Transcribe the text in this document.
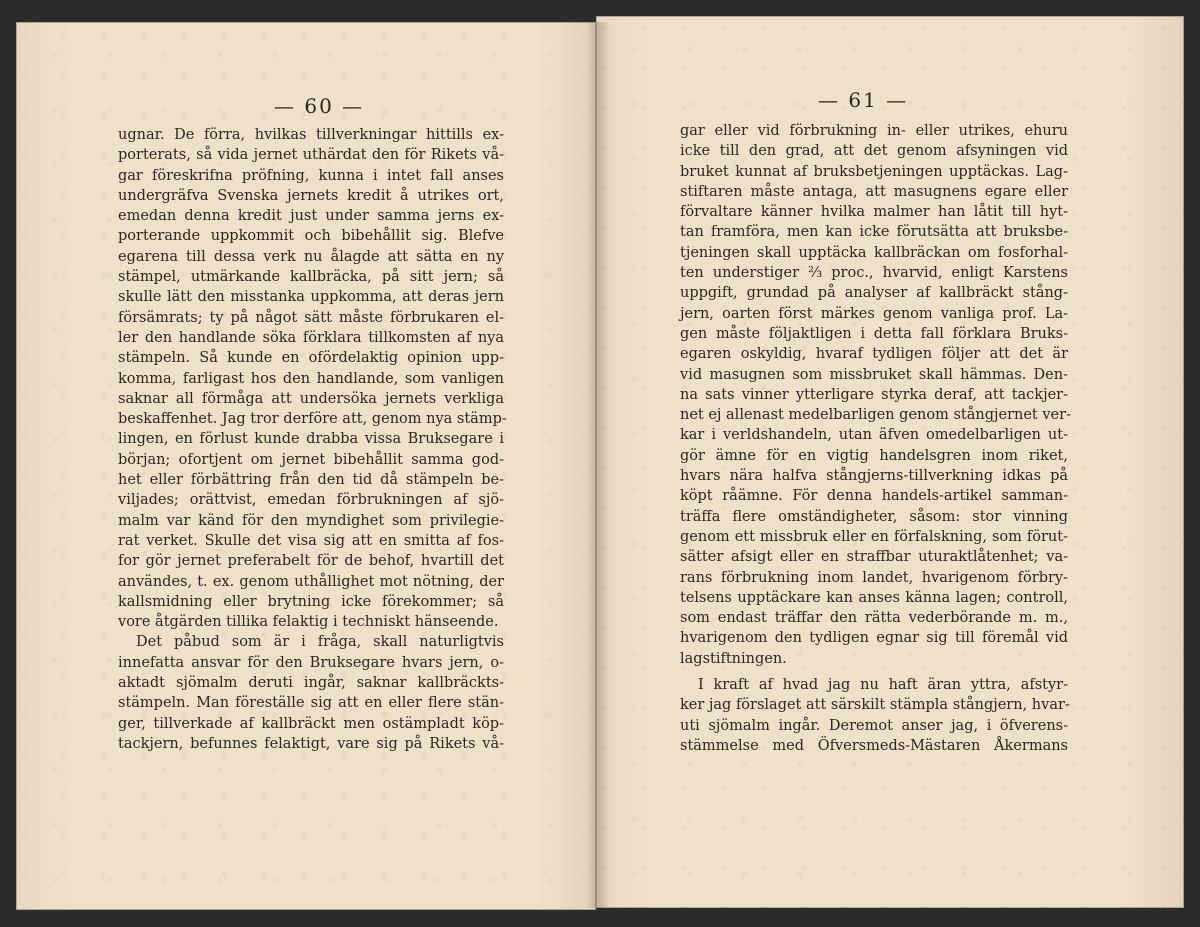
— 60 —
ugnar. De förra, hvilkas tillverkningar hittills ex-
porterats, så vida jernet uthärdat den för Rikets vå-
gar föreskrifna pröfning, kunna i intet fall anses
undergräfva Svenska jernets kredit å utrikes ort,
emedan denna kredit just under samma jerns ex-
porterande uppkommit och bibehållit sig. Blefve
egarena till dessa verk nu ålagde att sätta en ny
stämpel, utmärkande kallbräcka, på sitt jern; så
skulle lätt den misstanka uppkomma, att deras jern
försämrats; ty på något sätt måste förbrukaren el-
ler den handlande söka förklara tillkomsten af nya
stämpeln. Så kunde en ofördelaktig opinion upp-
komma, farligast hos den handlande, som vanligen
saknar all förmåga att undersöka jernets verkliga
beskaffenhet. Jag tror derföre att, genom nya stämp-
lingen, en förlust kunde drabba vissa Bruksegare i
början; ofortjent om jernet bibehållit samma god-
het eller förbättring från den tid då stämpeln be-
viljades; orättvist, emedan förbrukningen af sjö-
malm var känd för den myndighet som privilegie-
rat verket. Skulle det visa sig att en smitta af fos-
for gör jernet preferabelt för de behof, hvartill det
användes, t. ex. genom uthållighet mot nötning, der
kallsmidning eller brytning icke förekommer; så
vore åtgärden tillika felaktig i techniskt hänseende.
Det påbud som är i fråga, skall naturligtvis
innefatta ansvar för den Bruksegare hvars jern, o-
aktadt sjömalm deruti ingår, saknar kallbräckts-
stämpeln. Man föreställe sig att en eller flere stän-
ger, tillverkade af kallbräckt men ostämpladt köp-
tackjern, befunnes felaktigt, vare sig på Rikets vå-
— 61 —
gar eller vid förbrukning in- eller utrikes, ehuru
icke till den grad, att det genom afsyningen vid
bruket kunnat af bruksbetjeningen upptäckas. Lag-
stiftaren måste antaga, att masugnens egare eller
förvaltare känner hvilka malmer han låtit till hyt-
tan framföra, men kan icke förutsätta att bruksbe-
tjeningen skall upptäcka kallbräckan om fosforhal-
ten understiger ⅔ proc., hvarvid, enligt Karstens
uppgift, grundad på analyser af kallbräckt stång-
jern, oarten först märkes genom vanliga prof. La-
gen måste följaktligen i detta fall förklara Bruks-
egaren oskyldig, hvaraf tydligen följer att det är
vid masugnen som missbruket skall hämmas. Den-
na sats vinner ytterligare styrka deraf, att tackjer-
net ej allenast medelbarligen genom stångjernet ver-
kar i verldshandeln, utan äfven omedelbarligen ut-
gör ämne för en vigtig handelsgren inom riket,
hvars nära halfva stångjerns-tillverkning idkas på
köpt råämne. För denna handels-artikel samman-
träffa flere omständigheter, såsom: stor vinning
genom ett missbruk eller en förfalskning, som förut-
sätter afsigt eller en straffbar uturaktlåtenhet; va-
rans förbrukning inom landet, hvarigenom förbry-
telsens upptäckare kan anses känna lagen; controll,
som endast träffar den rätta vederbörande m. m.,
hvarigenom den tydligen egnar sig till föremål vid
lagstiftningen.
I kraft af hvad jag nu haft äran yttra, afstyr-
ker jag förslaget att särskilt stämpla stångjern, hvar-
uti sjömalm ingår. Deremot anser jag, i öfverens-
stämmelse med Öfversmeds-Mästaren Åkermans
